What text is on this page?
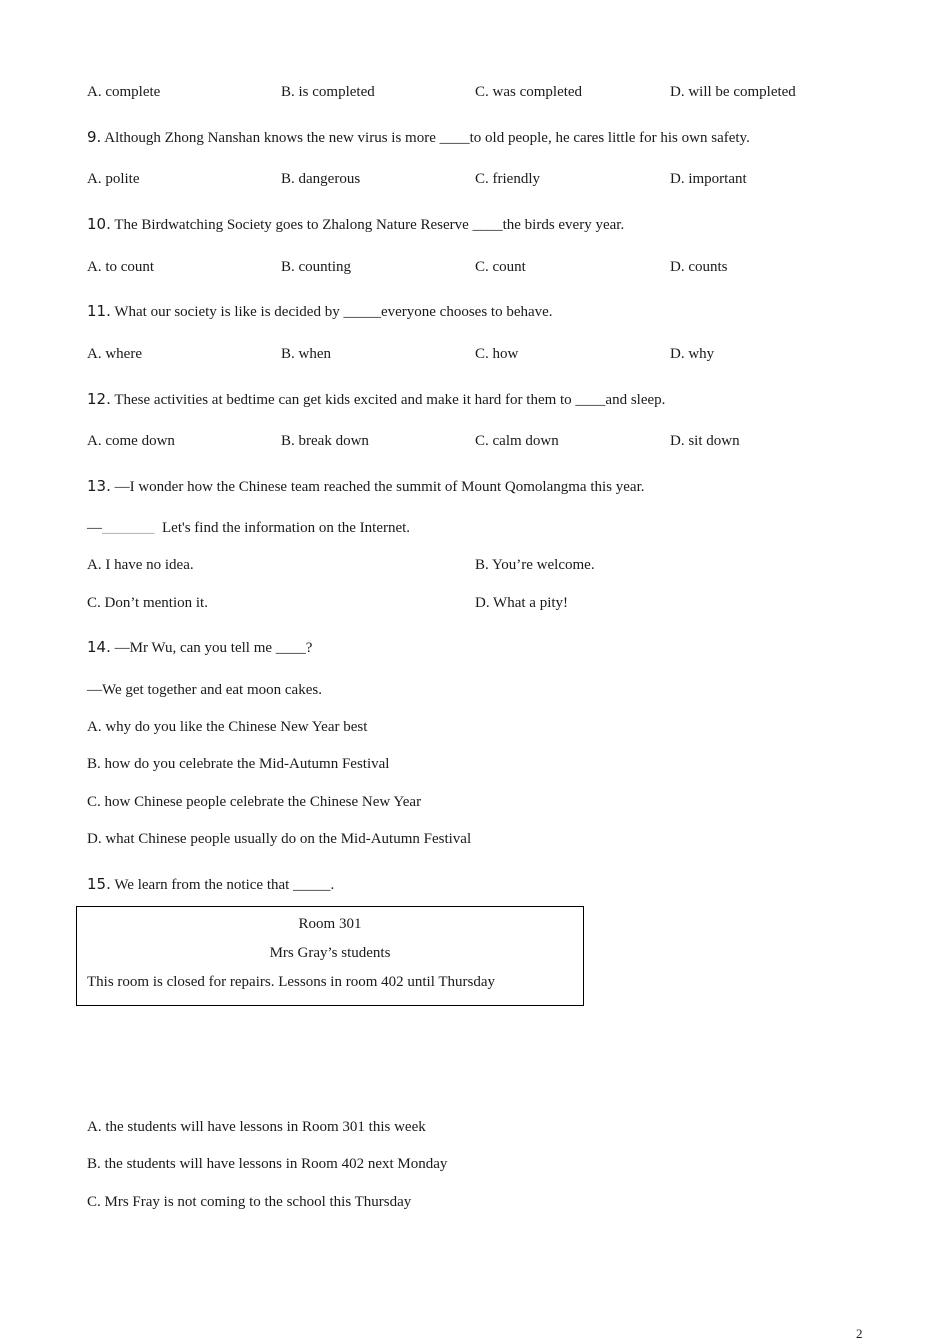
A. complete	B. is completed	C. was completed	D. will be completed
9. Although Zhong Nanshan knows the new virus is more ____to old people, he cares little for his own safety.
A. polite	B. dangerous	C. friendly	D. important
10. The Birdwatching Society goes to Zhalong Nature Reserve ____the birds every year.
A. to count	B. counting	C. count	D. counts
11. What our society is like is decided by _____everyone chooses to behave.
A. where	B. when	C. how	D. why
12. These activities at bedtime can get kids excited and make it hard for them to ____and sleep.
A. come down	B. break down	C. calm down	D. sit down
13. —I wonder how the Chinese team reached the summit of Mount Qomolangma this year.
—_______ Let's find the information on the Internet.
A. I have no idea.	B. You’re welcome.
C. Don’t mention it.	D. What a pity!
14. —Mr Wu, can you tell me ____?
—We get together and eat moon cakes.
A. why do you like the Chinese New Year best
B. how do you celebrate the Mid-Autumn Festival
C. how Chinese people celebrate the Chinese New Year
D. what Chinese people usually do on the Mid-Autumn Festival
15. We learn from the notice that _____.
Room 301
Mrs Gray’s students
This room is closed for repairs. Lessons in room 402 until Thursday
A. the students will have lessons in Room 301 this week
B. the students will have lessons in Room 402 next Monday
C. Mrs Fray is not coming to the school this Thursday
2
